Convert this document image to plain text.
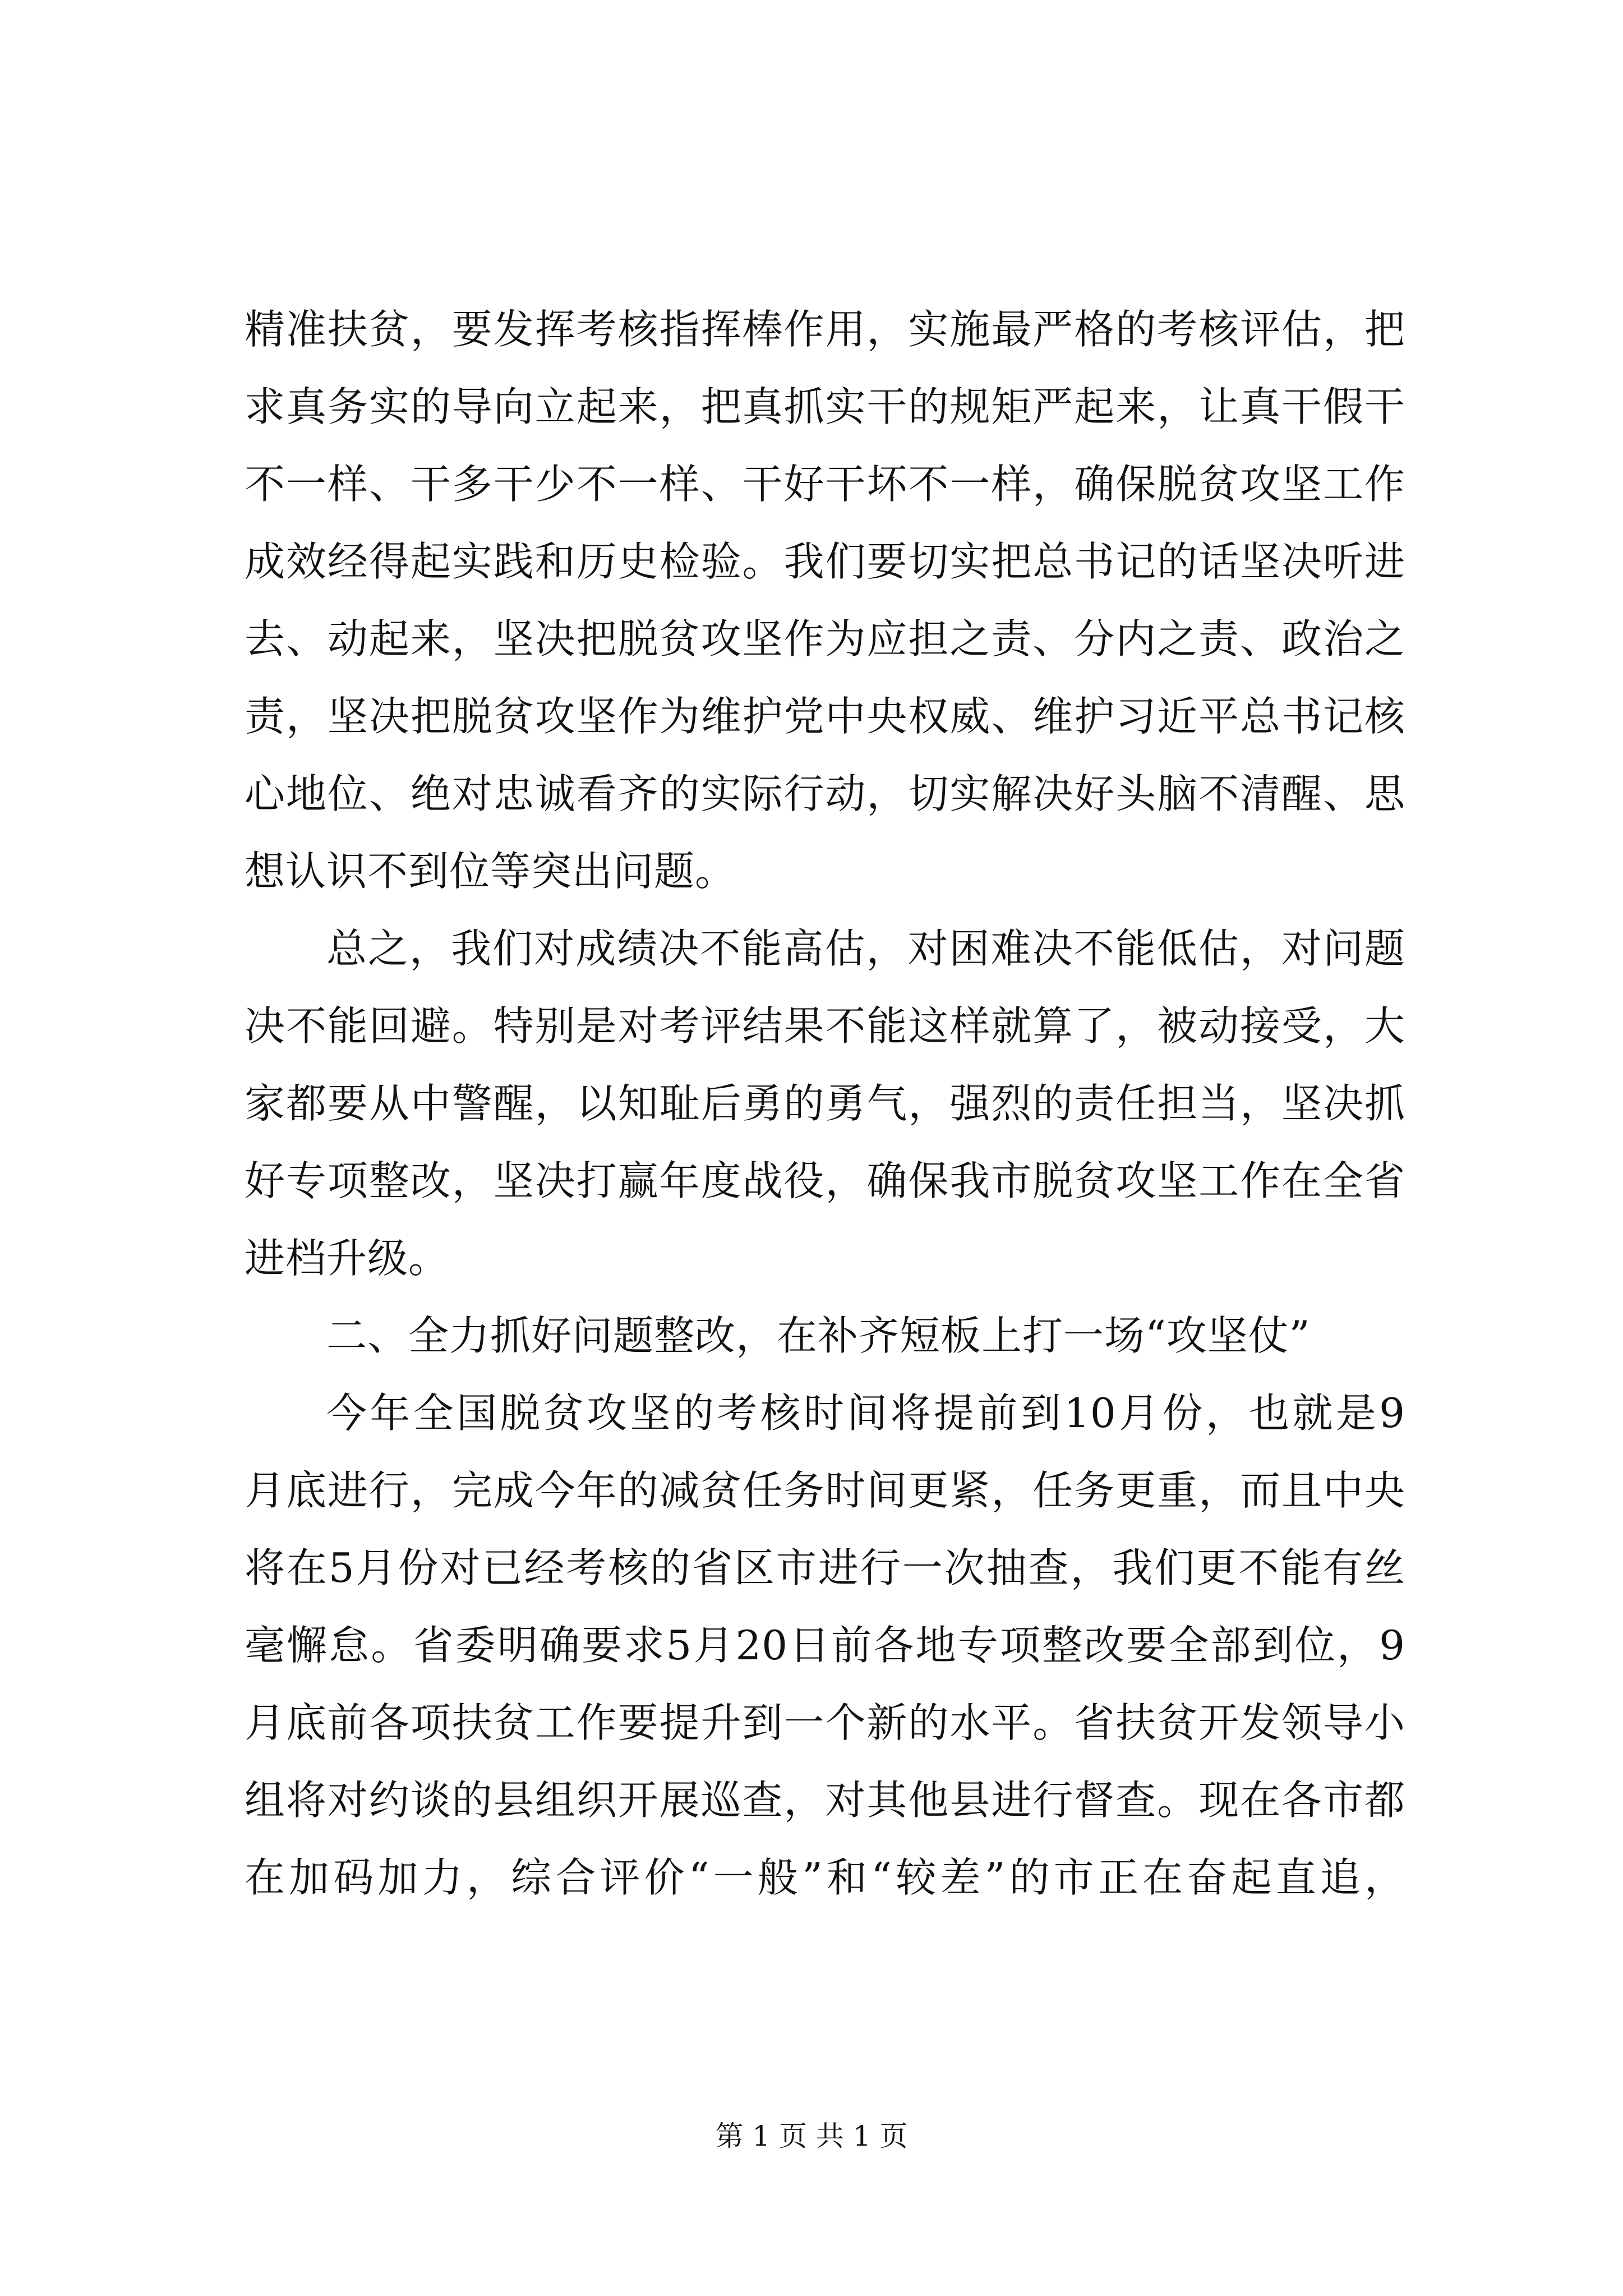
精准扶贫，要发挥考核指挥棒作用，实施最严格的考核评估，把
求真务实的导向立起来，把真抓实干的规矩严起来，让真干假干
不一样、干多干少不一样、干好干坏不一样，确保脱贫攻坚工作
成效经得起实践和历史检验。我们要切实把总书记的话坚决听进
去、动起来，坚决把脱贫攻坚作为应担之责、分内之责、政治之
责，坚决把脱贫攻坚作为维护党中央权威、维护习近平总书记核
心地位、绝对忠诚看齐的实际行动，切实解决好头脑不清醒、思
想认识不到位等突出问题。
总之，我们对成绩决不能高估，对困难决不能低估，对问题
决不能回避。特别是对考评结果不能这样就算了，被动接受，大
家都要从中警醒，以知耻后勇的勇气，强烈的责任担当，坚决抓
好专项整改，坚决打赢年度战役，确保我市脱贫攻坚工作在全省
进档升级。
二、全力抓好问题整改，在补齐短板上打一场“攻坚仗”
今年全国脱贫攻坚的考核时间将提前到10月份，也就是9
月底进行，完成今年的减贫任务时间更紧，任务更重，而且中央
将在5月份对已经考核的省区市进行一次抽查，我们更不能有丝
毫懈怠。省委明确要求5月20日前各地专项整改要全部到位，9
月底前各项扶贫工作要提升到一个新的水平。省扶贫开发领导小
组将对约谈的县组织开展巡查，对其他县进行督查。现在各市都
在加码加力，综合评价“一般”和“较差”的市正在奋起直追，
第 1 页 共 1 页
